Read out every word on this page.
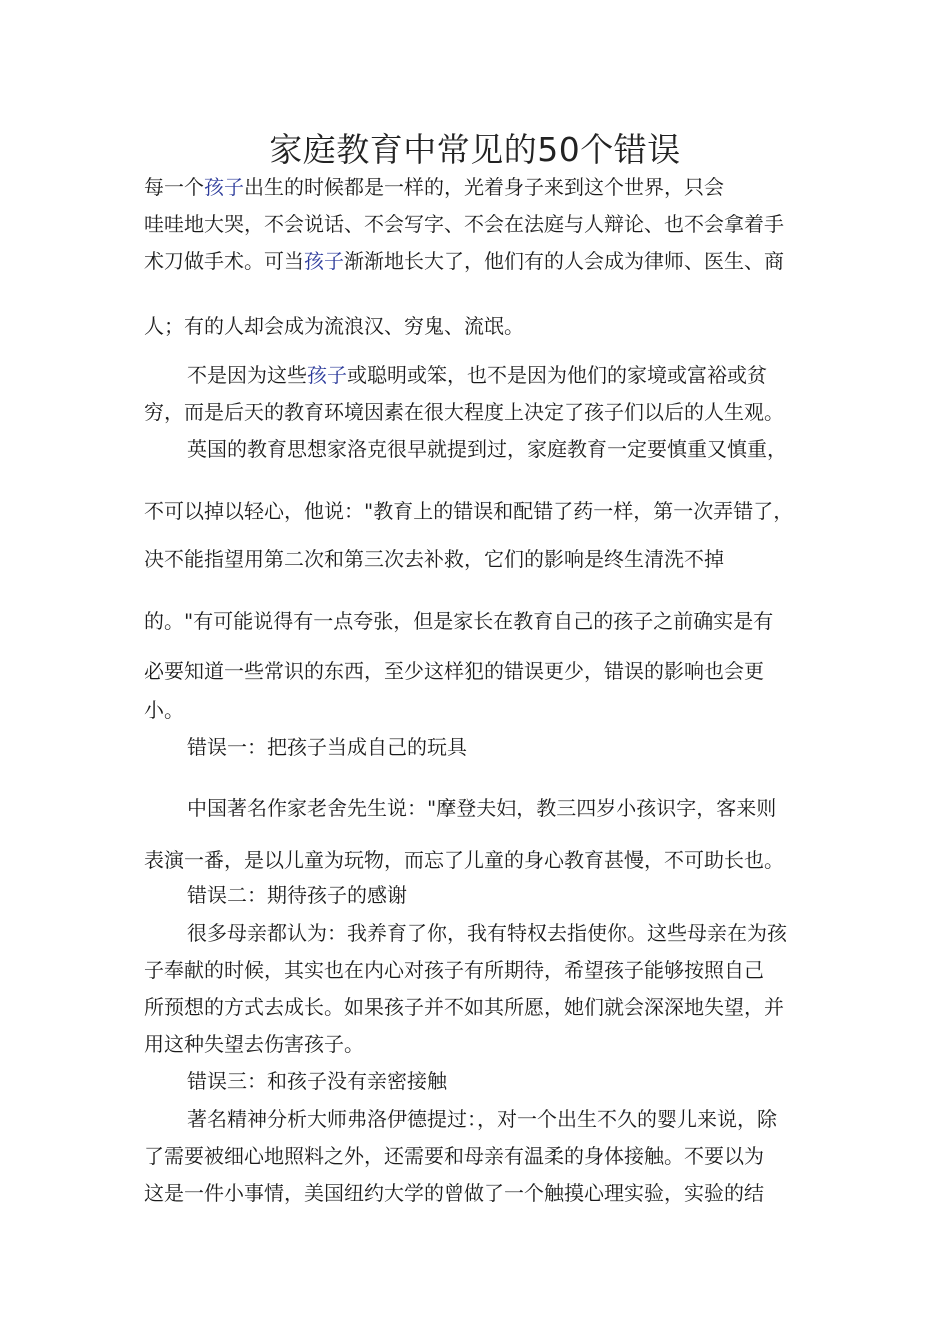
家庭教育中常见的50个错误
每一个孩子出生的时候都是一样的，光着身子来到这个世界，只会
哇哇地大哭，不会说话、不会写字、不会在法庭与人辩论、也不会拿着手
术刀做手术。可当孩子渐渐地长大了，他们有的人会成为律师、医生、商
人；有的人却会成为流浪汉、穷鬼、流氓。
不是因为这些孩子或聪明或笨，也不是因为他们的家境或富裕或贫
穷，而是后天的教育环境因素在很大程度上决定了孩子们以后的人生观。
英国的教育思想家洛克很早就提到过，家庭教育一定要慎重又慎重，
不可以掉以轻心，他说："教育上的错误和配错了药一样，第一次弄错了，
决不能指望用第二次和第三次去补救，它们的影响是终生清洗不掉
的。"有可能说得有一点夸张，但是家长在教育自己的孩子之前确实是有
必要知道一些常识的东西，至少这样犯的错误更少，错误的影响也会更
小。
错误一：把孩子当成自己的玩具
中国著名作家老舍先生说："摩登夫妇，教三四岁小孩识字，客来则
表演一番，是以儿童为玩物，而忘了儿童的身心教育甚慢，不可助长也。
错误二：期待孩子的感谢
很多母亲都认为：我养育了你，我有特权去指使你。这些母亲在为孩
子奉献的时候，其实也在内心对孩子有所期待，希望孩子能够按照自己
所预想的方式去成长。如果孩子并不如其所愿，她们就会深深地失望，并
用这种失望去伤害孩子。
错误三：和孩子没有亲密接触
著名精神分析大师弗洛伊德提过：，对一个出生不久的婴儿来说，除
了需要被细心地照料之外，还需要和母亲有温柔的身体接触。不要以为
这是一件小事情，美国纽约大学的曾做了一个触摸心理实验，实验的结
